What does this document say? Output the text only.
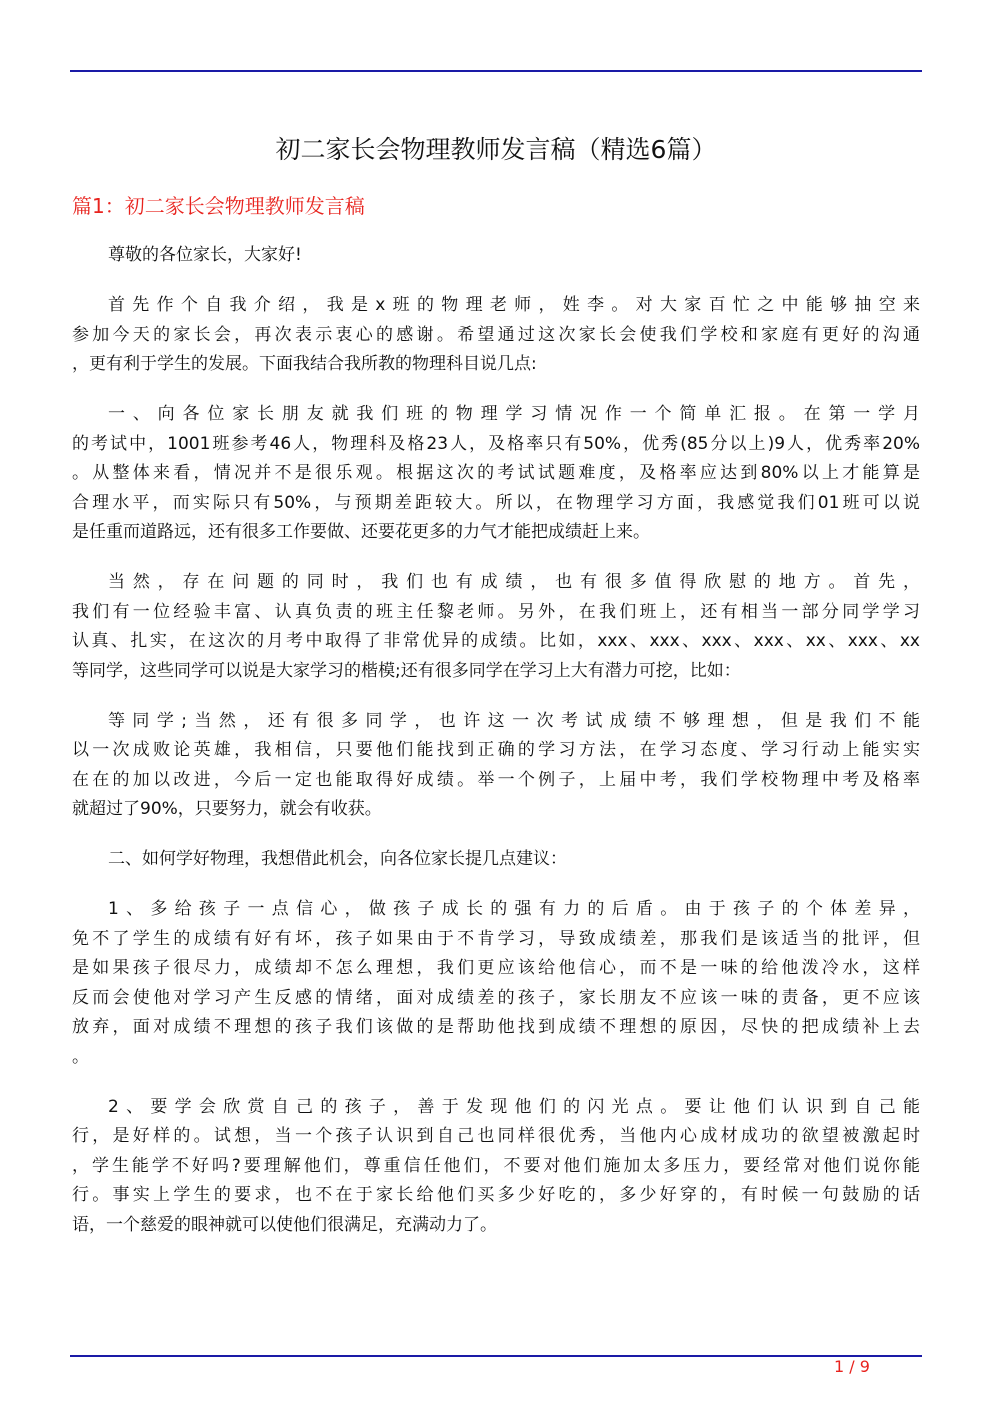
初二家长会物理教师发言稿（精选6篇）
篇1：初二家长会物理教师发言稿
尊敬的各位家长，大家好!
首先作个自我介绍，我是x班的物理老师，姓李。对大家百忙之中能够抽空来
参加今天的家长会，再次表示衷心的感谢。希望通过这次家长会使我们学校和家庭有更好的沟通
，更有利于学生的发展。下面我结合我所教的物理科目说几点:
一、向各位家长朋友就我们班的物理学习情况作一个简单汇报。在第一学月
的考试中，1001班参考46人，物理科及格23人，及格率只有50%，优秀(85分以上)9人，优秀率20%
。从整体来看，情况并不是很乐观。根据这次的考试试题难度，及格率应达到80%以上才能算是
合理水平，而实际只有50%，与预期差距较大。所以，在物理学习方面，我感觉我们01班可以说
是任重而道路远，还有很多工作要做、还要花更多的力气才能把成绩赶上来。
当然，存在问题的同时，我们也有成绩，也有很多值得欣慰的地方。首先，
我们有一位经验丰富、认真负责的班主任黎老师。另外，在我们班上，还有相当一部分同学学习
认真、扎实，在这次的月考中取得了非常优异的成绩。比如，xxx、xxx、xxx、xxx、xx、xxx、xx
等同学，这些同学可以说是大家学习的楷模;还有很多同学在学习上大有潜力可挖，比如：
等同学;当然，还有很多同学，也许这一次考试成绩不够理想，但是我们不能
以一次成败论英雄，我相信，只要他们能找到正确的学习方法，在学习态度、学习行动上能实实
在在的加以改进，今后一定也能取得好成绩。举一个例子，上届中考，我们学校物理中考及格率
就超过了90%，只要努力，就会有收获。
二、如何学好物理，我想借此机会，向各位家长提几点建议：
1、多给孩子一点信心，做孩子成长的强有力的后盾。由于孩子的个体差异，
免不了学生的成绩有好有坏，孩子如果由于不肯学习，导致成绩差，那我们是该适当的批评，但
是如果孩子很尽力，成绩却不怎么理想，我们更应该给他信心，而不是一味的给他泼冷水，这样
反而会使他对学习产生反感的情绪，面对成绩差的孩子，家长朋友不应该一味的责备，更不应该
放弃，面对成绩不理想的孩子我们该做的是帮助他找到成绩不理想的原因，尽快的把成绩补上去
。
2、要学会欣赏自己的孩子，善于发现他们的闪光点。要让他们认识到自己能
行，是好样的。试想，当一个孩子认识到自己也同样很优秀，当他内心成材成功的欲望被激起时
，学生能学不好吗?要理解他们，尊重信任他们，不要对他们施加太多压力，要经常对他们说你能
行。事实上学生的要求，也不在于家长给他们买多少好吃的，多少好穿的，有时候一句鼓励的话
语，一个慈爱的眼神就可以使他们很满足，充满动力了。
1 / 9
